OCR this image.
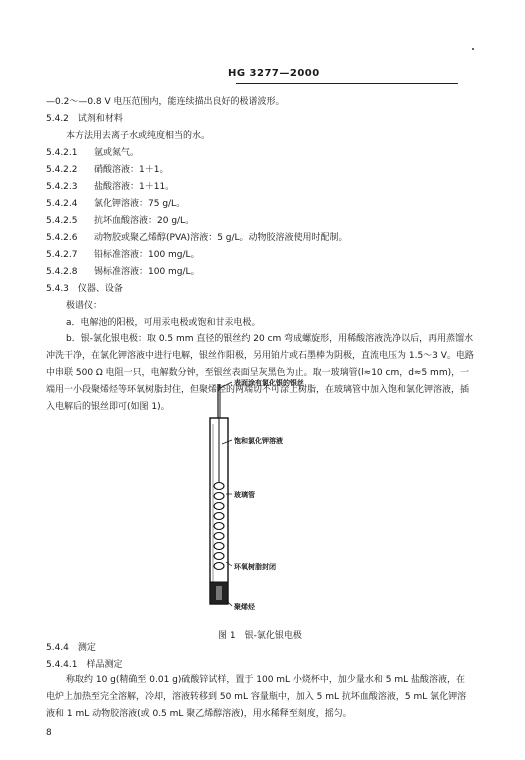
HG 3277—2000
—0.2～—0.8 V 电压范围内，能连续描出良好的极谱波形。
5.4.2　试剂和材料
本方法用去离子水或纯度相当的水。
5.4.2.1 氩或氮气。
5.4.2.2 硝酸溶液：1＋1。
5.4.2.3 盐酸溶液：1＋11。
5.4.2.4 氯化钾溶液：75 g/L。
5.4.2.5 抗坏血酸溶液：20 g/L。
5.4.2.6 动物胶或聚乙烯醇(PVA)溶液：5 g/L。动物胶溶液使用时配制。
5.4.2.7 铅标准溶液：100 mg/L。
5.4.2.8 锡标准溶液：100 mg/L。
5.4.3　仪器、设备
极谱仪：
a．电解池的阳极，可用汞电极或饱和甘汞电极。
b．银-氯化银电极：取 0.5 mm 直径的银丝约 20 cm 弯成螺旋形，用稀酸溶液洗净以后，再用蒸馏水冲洗干净，在氯化钾溶液中进行电解，银丝作阳极，另用铂片或石墨棒为阴极，直流电压为 1.5～3 V。电路中串联 500 Ω 电阻一只，电解数分钟，至银丝表面呈灰黑色为止。取一玻璃管(l≈10 cm，d≈5 mm)，一端用一小段聚烯烃等环氧树脂封住，但聚烯烃的两端切不可涂上树脂，在玻璃管中加入饱和氯化钾溶液，插入电解后的银丝即可(如图 1)。
表面涂有氯化银的银丝
饱和氯化钾溶液
玻璃管
环氧树脂封闭
聚烯烃
图 1　银-氯化银电极
5.4.4　测定
5.4.4.1　样品测定
称取约 10 g(精确至 0.01 g)硫酸锌试样，置于 100 mL 小烧杯中，加少量水和 5 mL 盐酸溶液，在电炉上加热至完全溶解，冷却，溶液转移到 50 mL 容量瓶中，加入 5 mL 抗坏血酸溶液，5 mL 氯化钾溶液和 1 mL 动物胶溶液(或 0.5 mL 聚乙烯醇溶液)，用水稀释至刻度，摇匀。
8
